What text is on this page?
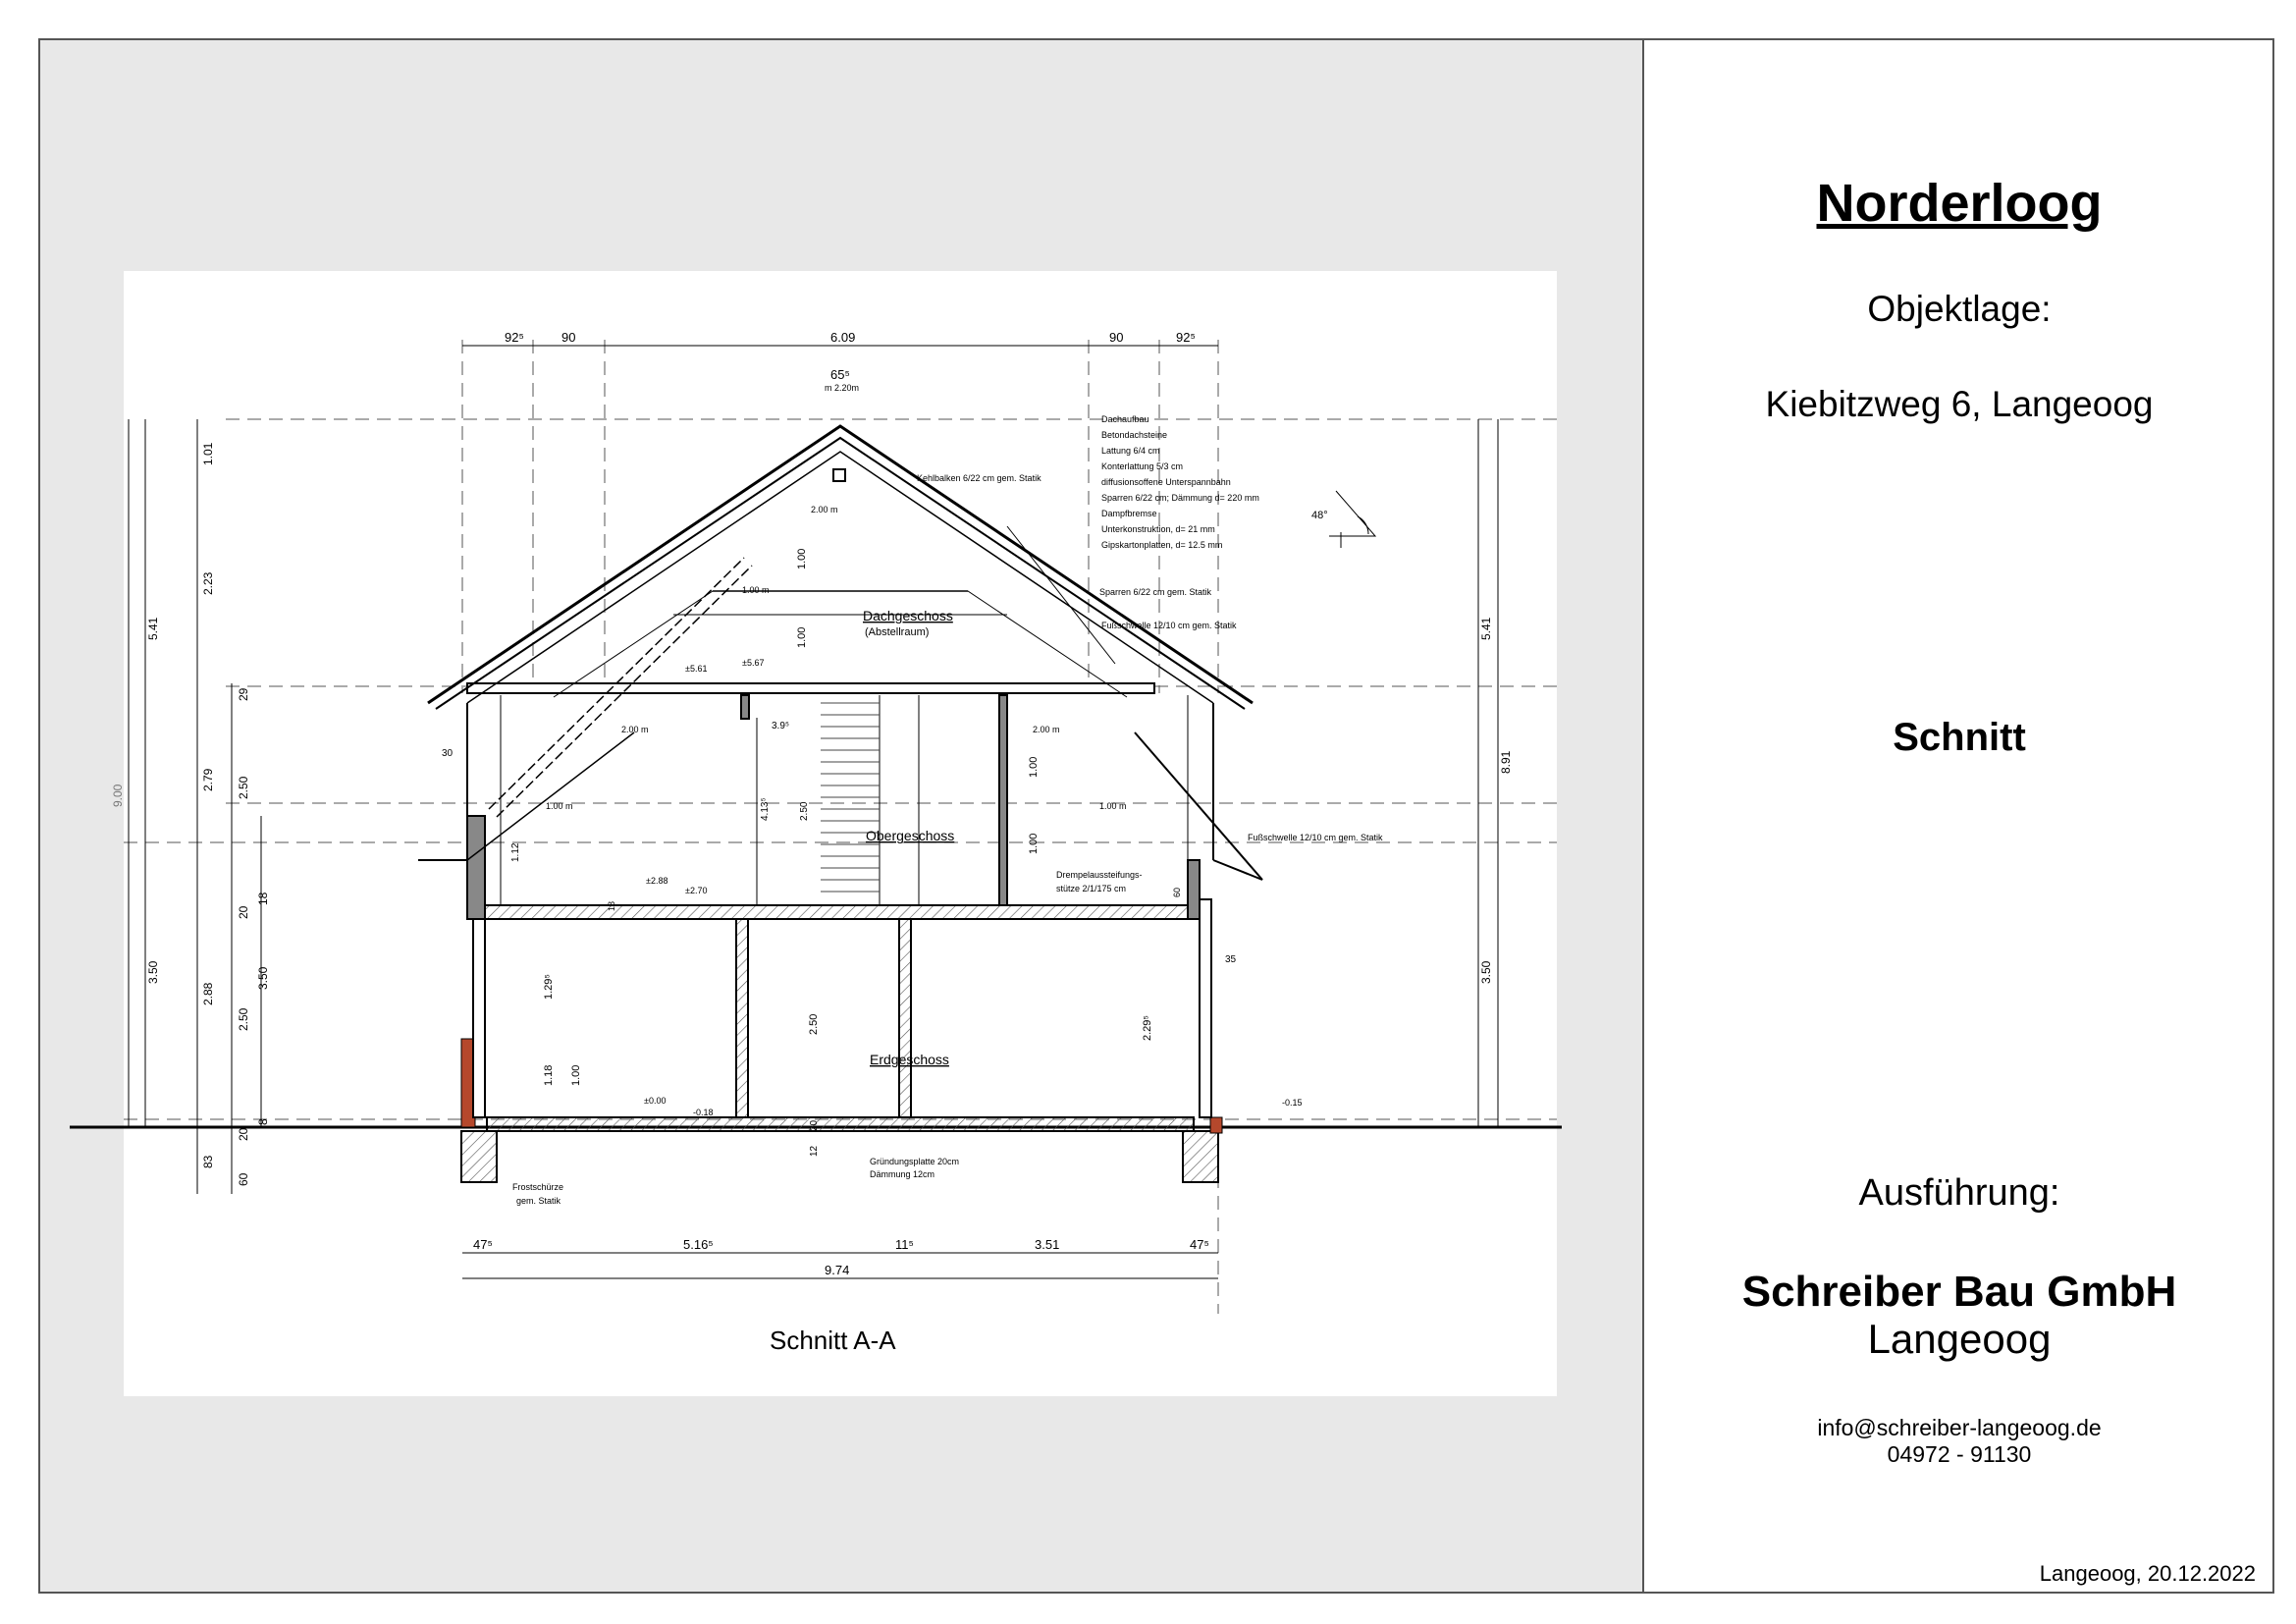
92⁵	90	6.09	90	92⁵
65⁵
m 2.20m
Dachgeschoss
(Abstellraum)
Obergeschoss
Erdgeschoss
Dachaufbau
Betondachsteine
Lattung 6/4 cm
Konterlattung 5/3 cm
diffusionsoffene Unterspannbahn
Sparren 6/22 cm; Dämmung d= 220 mm
Dampfbremse
Unterkonstruktion, d= 21 mm
Gipskartonplatten, d= 12.5 mm
Kehlbalken 6/22 cm gem. Statik
Sparren 6/22 cm gem. Statik
Fußschwelle 12/10 cm gem. Statik
Fußschwelle 12/10 cm gem. Statik
Drempelaussteifungs-
stütze 2/1/175 cm
Gründungsplatte 20cm
Dämmung 12cm
Frostschürze
gem. Statik
48°
47⁵	5.16⁵	11⁵	3.51	47⁵
9.74
9.00
5.41
8.91
3.50
5.41
3.50
1.01
2.23
2.79
2.88
83
29
2.50
20
2.50
20
60
18
3.50
8
±5.61
±5.67
±2.88
±2.70
±0.00
-0.18
-0.15
2.00 m
1.00 m
1.00
1.00
2.00 m
1.00 m
2.00 m
1.00
1.00
1.00 m
30
1.12
1.29⁵
1.18 1.00
2.50	2.29⁵
35
18
12
20
3.9⁵
4.13⁵	2.50
60
Schnitt A-A
Norderloog
Objektlage:
Kiebitzweg 6, Langeoog
Schnitt
Ausführung:
Schreiber Bau GmbH
Langeoog
info@schreiber-langeoog.de
04972 - 91130
Langeoog, 20.12.2022
